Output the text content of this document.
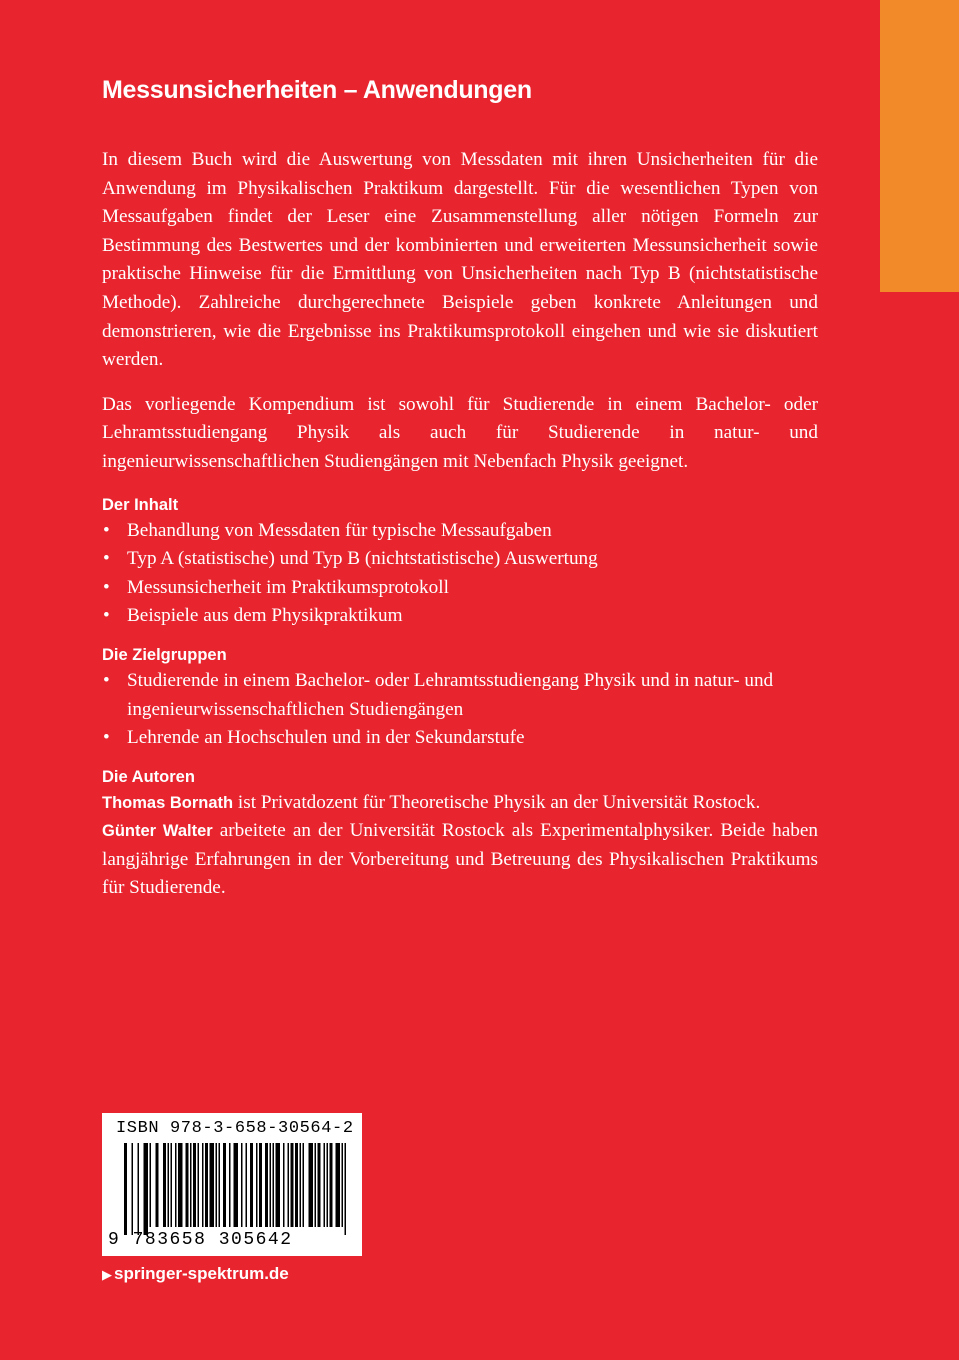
Messunsicherheiten – Anwendungen

In diesem Buch wird die Auswertung von Messdaten mit ihren Unsicherheiten für die Anwendung im Physikalischen Praktikum dargestellt. Für die wesentlichen Typen von Messaufgaben findet der Leser eine Zusammenstellung aller nötigen Formeln zur Bestimmung des Bestwertes und der kombinierten und erweiterten Messunsicherheit sowie praktische Hinweise für die Ermittlung von Unsicherheiten nach Typ B (nichtstatistische Methode). Zahlreiche durchgerechnete Beispiele geben konkrete Anleitungen und demonstrieren, wie die Ergebnisse ins Praktikumsprotokoll eingehen und wie sie diskutiert werden.

Das vorliegende Kompendium ist sowohl für Studierende in einem Bachelor- oder Lehramtsstudiengang Physik als auch für Studierende in natur- und ingenieurwissenschaftlichen Studiengängen mit Nebenfach Physik geeignet.

Der Inhalt
• Behandlung von Messdaten für typische Messaufgaben
• Typ A (statistische) und Typ B (nichtstatistische) Auswertung
• Messunsicherheit im Praktikumsprotokoll
• Beispiele aus dem Physikpraktikum
Die Zielgruppen
• Studierende in einem Bachelor- oder Lehramtsstudiengang Physik und in natur- und ingenieurwissenschaftlichen Studiengängen
• Lehrende an Hochschulen und in der Sekundarstufe
Die Autoren
Thomas Bornath ist Privatdozent für Theoretische Physik an der Universität Rostock.
Günter Walter arbeitete an der Universität Rostock als Experimentalphysiker. Beide haben langjährige Erfahrungen in der Vorbereitung und Betreuung des Physikalischen Praktikums für Studierende.
ISBN 978-3-658-30564-2
9 783658 305642
▶ springer-spektrum.de
